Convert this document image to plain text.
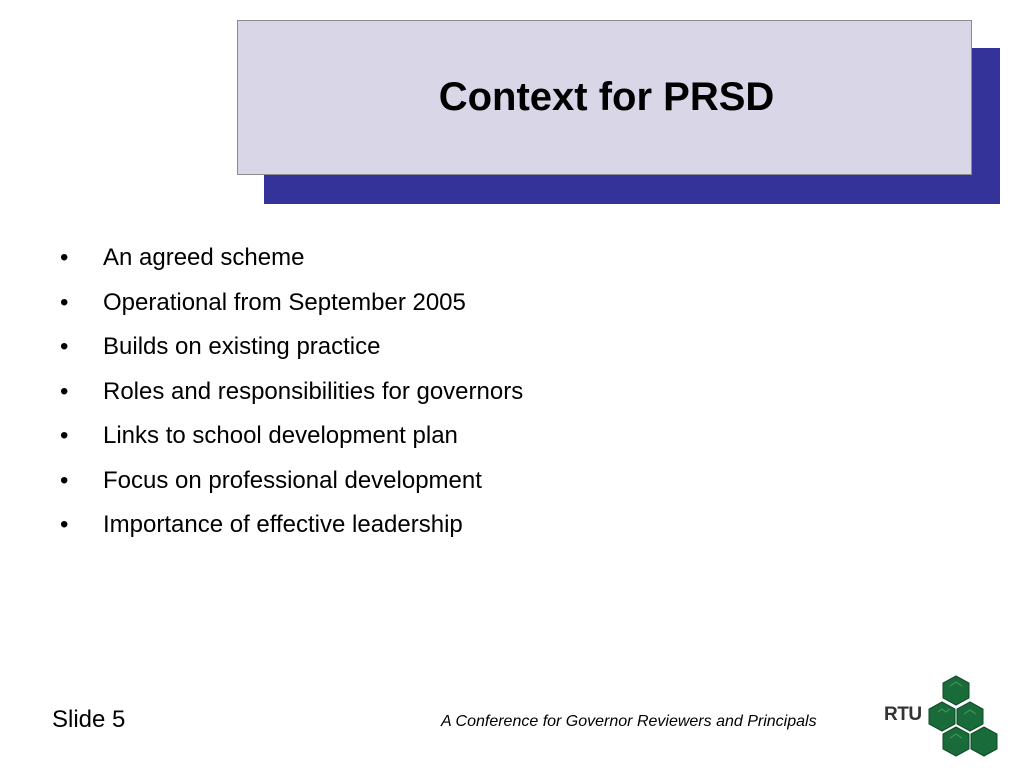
Context for PRSD
• An agreed scheme
• Operational from September 2005
• Builds on existing practice
• Roles and responsibilities for governors
• Links to school development plan
• Focus on professional development
• Importance of effective leadership
Slide 5	A Conference for Governor Reviewers and Principals	RTU
